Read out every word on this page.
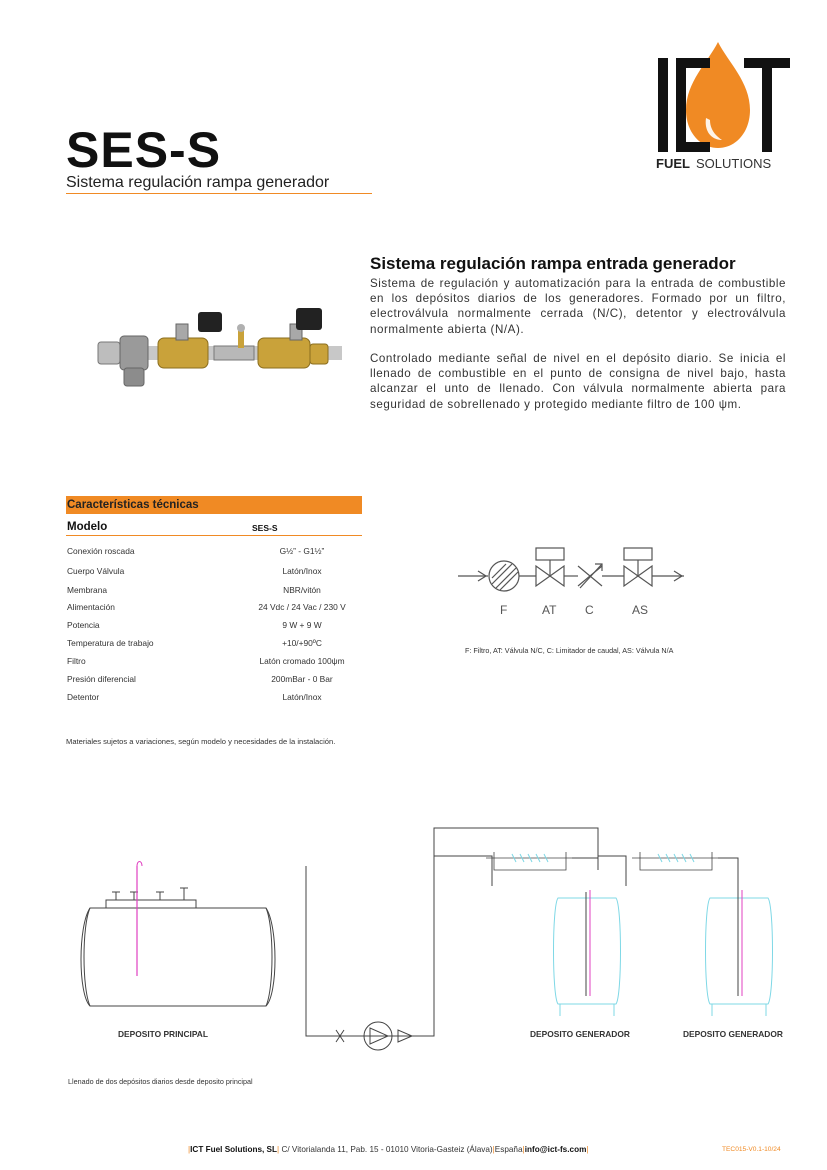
SES-S
Sistema regulación rampa generador
FUEL SOLUTIONS
Sistema regulación rampa entrada generador
Sistema de regulación y automatización para la entrada de combustible en los depósitos diarios de los generadores. Formado por un filtro, electroválvula normalmente cerrada (N/C), detentor y electroválvula normalmente abierta (N/A).
Controlado mediante señal de nivel en el depósito diario. Se inicia el llenado de combustible en el punto de consigna de nivel bajo, hasta alcanzar el unto de llenado. Con válvula normalmente abierta para seguridad de sobrellenado y protegido mediante filtro de 100 ψm.
Características técnicas
Modelo	SES-S
Conexión roscada	G½” - G1½”
Cuerpo Válvula	Latón/Inox
Membrana	NBR/vitón
Alimentación	24 Vdc / 24 Vac / 230 V
Potencia	9 W + 9 W
Temperatura de trabajo	+10/+90ºC
Filtro	Latón cromado 100ψm
Presión diferencial	200mBar - 0 Bar
Detentor	Latón/Inox
Materiales sujetos a variaciones, según modelo y necesidades de la instalación.
F	AT C	AS
F: Filtro, AT: Válvula N/C, C: Limitador de caudal, AS: Válvula N/A
DEPOSITO PRINCIPAL	DEPOSITO GENERADOR	DEPOSITO GENERADOR
Llenado de dos depósitos diarios desde deposito principal
|ICT Fuel Solutions, SL| C/ Vitorialanda 11, Pab. 15 - 01010 Vitoria-Gasteiz (Álava)|España|info@ict-fs.com|	TEC015-V0.1-10/24
